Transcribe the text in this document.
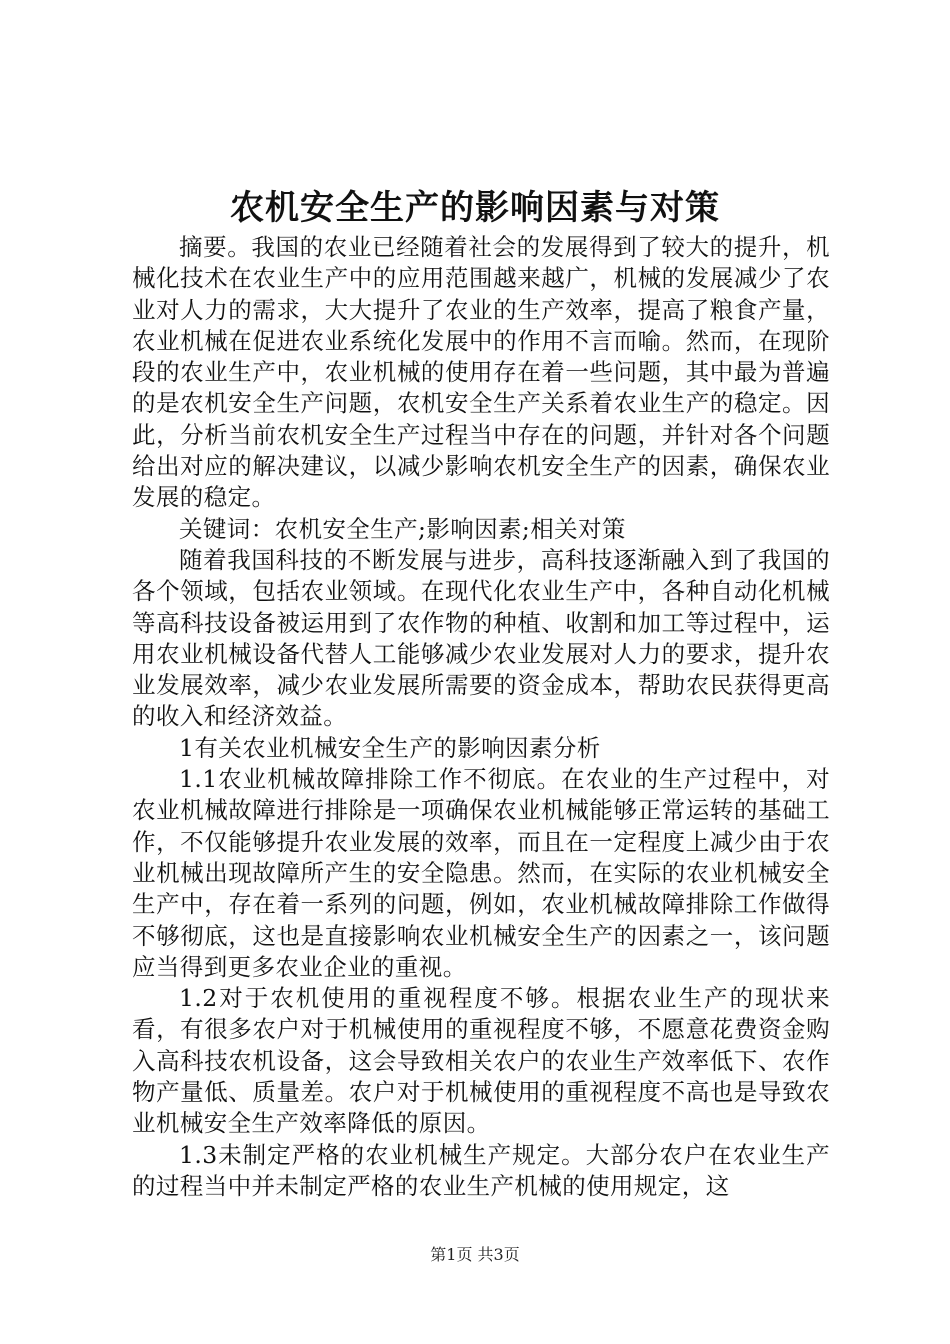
农机安全生产的影响因素与对策

摘要。我国的农业已经随着社会的发展得到了较大的提升，机械化技术在农业生产中的应用范围越来越广，机械的发展减少了农业对人力的需求，大大提升了农业的生产效率，提高了粮食产量，农业机械在促进农业系统化发展中的作用不言而喻。然而，在现阶段的农业生产中，农业机械的使用存在着一些问题，其中最为普遍的是农机安全生产问题，农机安全生产关系着农业生产的稳定。因此，分析当前农机安全生产过程当中存在的问题，并针对各个问题给出对应的解决建议，以减少影响农机安全生产的因素，确保农业发展的稳定。

关键词：农机安全生产;影响因素;相关对策

随着我国科技的不断发展与进步，高科技逐渐融入到了我国的各个领域，包括农业领域。在现代化农业生产中，各种自动化机械等高科技设备被运用到了农作物的种植、收割和加工等过程中，运用农业机械设备代替人工能够减少农业发展对人力的要求，提升农业发展效率，减少农业发展所需要的资金成本，帮助农民获得更高的收入和经济效益。

1有关农业机械安全生产的影响因素分析

1.1农业机械故障排除工作不彻底。在农业的生产过程中，对农业机械故障进行排除是一项确保农业机械能够正常运转的基础工作，不仅能够提升农业发展的效率，而且在一定程度上减少由于农业机械出现故障所产生的安全隐患。然而，在实际的农业机械安全生产中，存在着一系列的问题，例如，农业机械故障排除工作做得不够彻底，这也是直接影响农业机械安全生产的因素之一，该问题应当得到更多农业企业的重视。

1.2对于农机使用的重视程度不够。根据农业生产的现状来看，有很多农户对于机械使用的重视程度不够，不愿意花费资金购入高科技农机设备，这会导致相关农户的农业生产效率低下、农作物产量低、质量差。农户对于机械使用的重视程度不高也是导致农业机械安全生产效率降低的原因。

1.3未制定严格的农业机械生产规定。大部分农户在农业生产的过程当中并未制定严格的农业生产机械的使用规定，这

第1页 共3页
